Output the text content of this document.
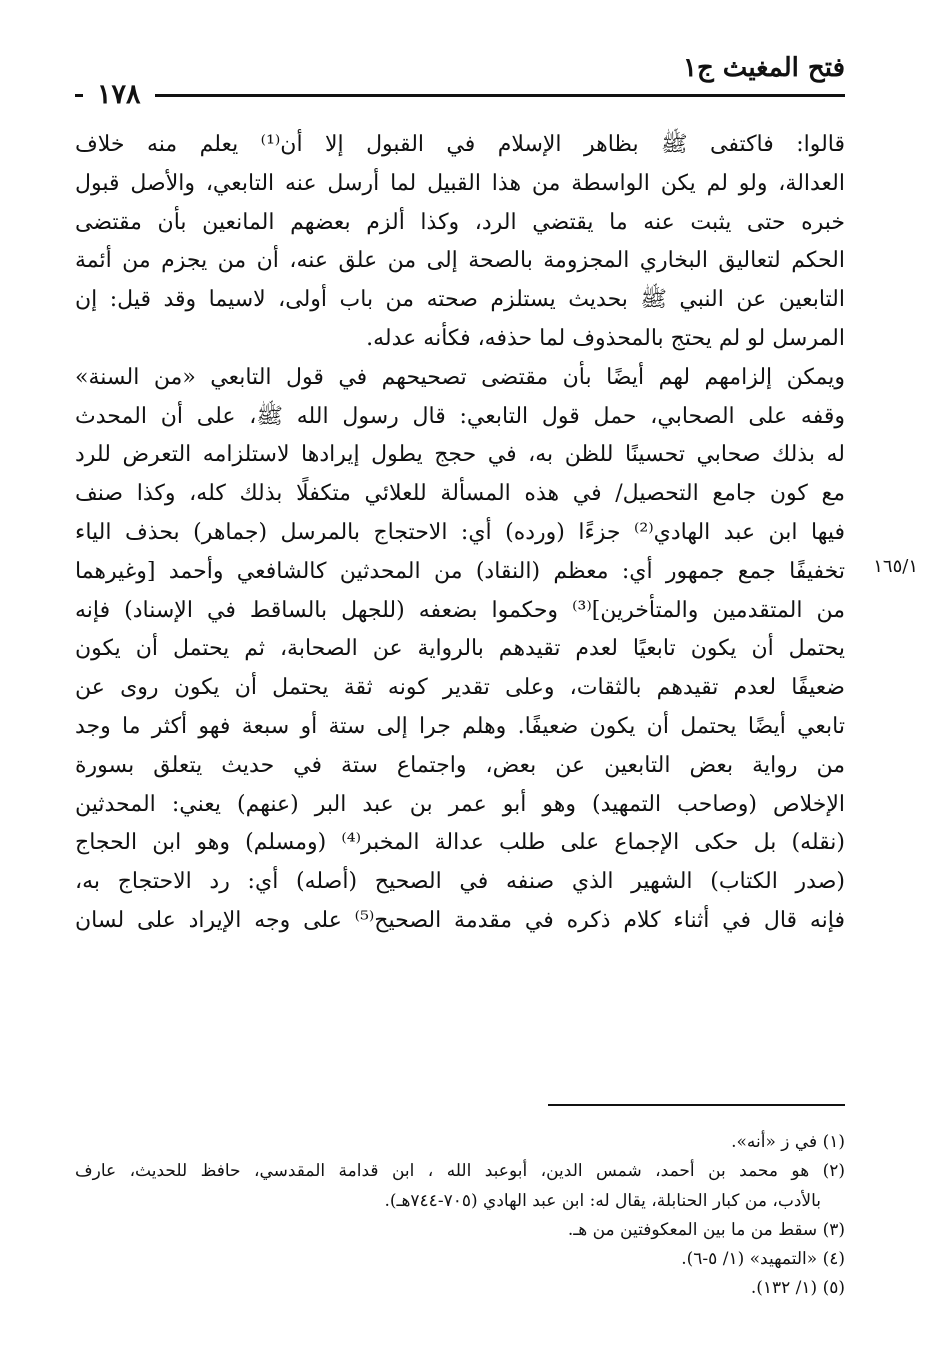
فتح المغيث ج١
١٧٨
١٦٥/١
قالوا: فاكتفى ﷺ بظاهر الإسلام في القبول إلا أن⁽¹⁾ يعلم منه خلاف
العدالة، ولو لم يكن الواسطة من هذا القبيل لما أرسل عنه التابعي، والأصل قبول
خبره حتى يثبت عنه ما يقتضي الرد، وكذا ألزم بعضهم المانعين بأن مقتضى
الحكم لتعاليق البخاري المجزومة بالصحة إلى من علق عنه، أن من يجزم من أئمة
التابعين عن النبي ﷺ بحديث يستلزم صحته من باب أولى، لاسيما وقد قيل: إن
المرسل لو لم يحتج بالمحذوف لما حذفه، فكأنه عدله.
ويمكن إلزامهم لهم أيضًا بأن مقتضى تصحيحهم في قول التابعي «من السنة»
وقفه على الصحابي، حمل قول التابعي: قال رسول الله ﷺ، على أن المحدث
له بذلك صحابي تحسينًا للظن به، في حجج يطول إيرادها لاستلزامه التعرض للرد
مع كون جامع التحصيل/ في هذه المسألة للعلائي متكفلًا بذلك كله، وكذا صنف
فيها ابن عبد الهادي⁽²⁾ جزءًا (ورده) أي: الاحتجاج بالمرسل (جماهر) بحذف الياء
تخفيفًا جمع جمهور أي: معظم (النقاد) من المحدثين كالشافعي وأحمد [وغيرهما
من المتقدمين والمتأخرين]⁽³⁾ وحكموا بضعفه (للجهل بالساقط في الإسناد) فإنه
يحتمل أن يكون تابعيًا لعدم تقيدهم بالرواية عن الصحابة، ثم يحتمل أن يكون
ضعيفًا لعدم تقيدهم بالثقات، وعلى تقدير كونه ثقة يحتمل أن يكون روى عن
تابعي أيضًا يحتمل أن يكون ضعيفًا. وهلم جرا إلى ستة أو سبعة فهو أكثر ما وجد
من رواية بعض التابعين عن بعض، واجتماع ستة في حديث يتعلق بسورة
الإخلاص (وصاحب التمهيد) وهو أبو عمر بن عبد البر (عنهم) يعني: المحدثين
(نقله) بل حكى الإجماع على طلب عدالة المخبر⁽⁴⁾ (ومسلم) وهو ابن الحجاج
(صدر الكتاب) الشهير الذي صنفه في الصحيح (أصله) أي: رد الاحتجاج به،
فإنه قال في أثناء كلام ذكره في مقدمة الصحيح⁽⁵⁾ على وجه الإيراد على لسان
(١) في ز «أنه».
(٢) هو محمد بن أحمد، شمس الدين، أبوعبد الله ، ابن قدامة المقدسي، حافظ للحديث، عارف
بالأدب، من كبار الحنابلة، يقال له: ابن عبد الهادي (٧٠٥-٧٤٤هـ).
(٣) سقط من ما بين المعكوفتين من هـ.
(٤) «التمهيد» (١/ ٥-٦).
(٥) (١/ ١٣٢).
